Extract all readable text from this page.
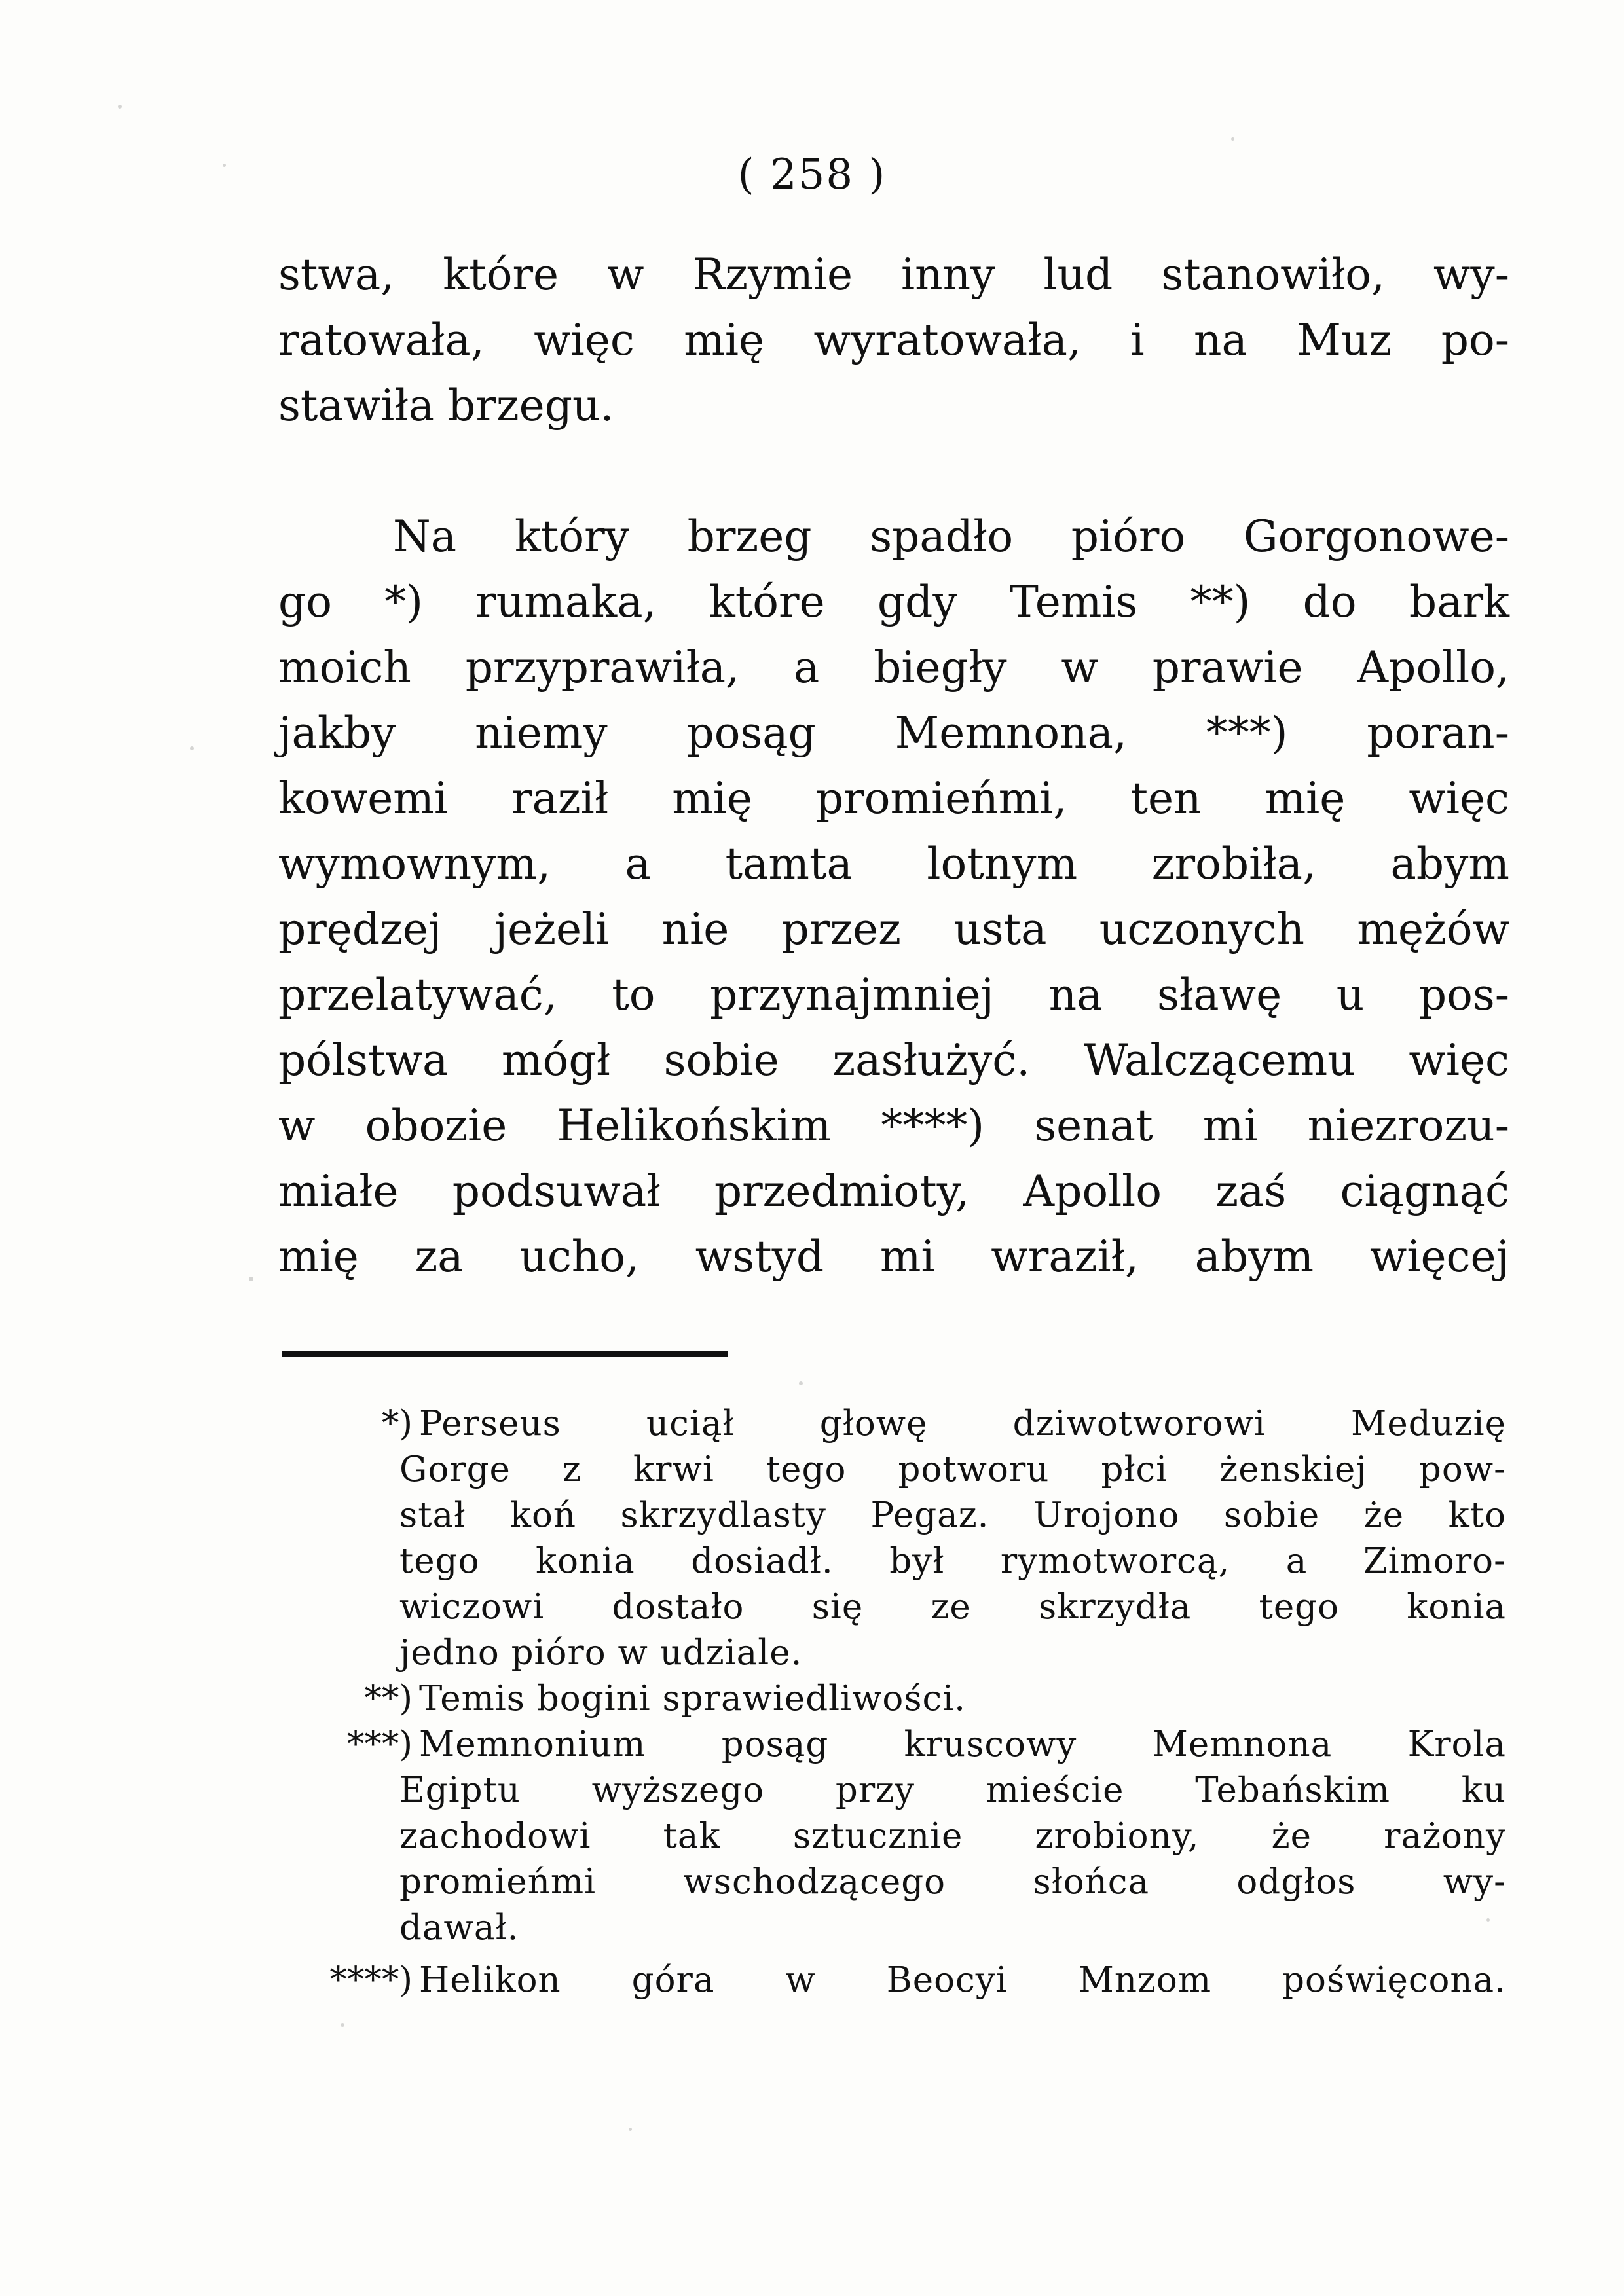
( 258 )
stwa, które w Rzymie inny lud stanowiło, wy-
ratowała, więc mię wyratowała, i na Muz po-
stawiła brzegu.
Na który brzeg spadło pióro Gorgonowe-
go *) rumaka, które gdy Temis **) do bark
moich przyprawiła, a biegły w prawie Apollo,
jakby niemy posąg Memnona, ***) poran-
kowemi raził mię promieńmi, ten mię więc
wymownym, a tamta lotnym zrobiła, abym
prędzej jeżeli nie przez usta uczonych mężów
przelatywać, to przynajmniej na sławę u pos-
pólstwa mógł sobie zasłużyć. Walczącemu więc
w obozie Helikońskim ****) senat mi niezrozu-
miałe podsuwał przedmioty, Apollo zaś ciągnąć
mię za ucho, wstyd mi wraził, abym więcej
*)
**)
***)
****)
Perseus uciął głowę dziwotworowi Meduzię
Gorge z krwi tego potworu płci żenskiej pow-
stał koń skrzydlasty Pegaz. Urojono sobie że kto
tego konia dosiadł. był rymotworcą, a Zimoro-
wiczowi dostało się ze skrzydła tego konia
jedno pióro w udziale.
Temis bogini sprawiedliwości.
Memnonium posąg kruscowy Memnona Krola
Egiptu wyższego przy mieście Tebańskim ku
zachodowi tak sztucznie zrobiony, że rażony
promieńmi wschodzącego słońca odgłos wy-
dawał.
Helikon góra w Beocyi Mnzom poświęcona.
